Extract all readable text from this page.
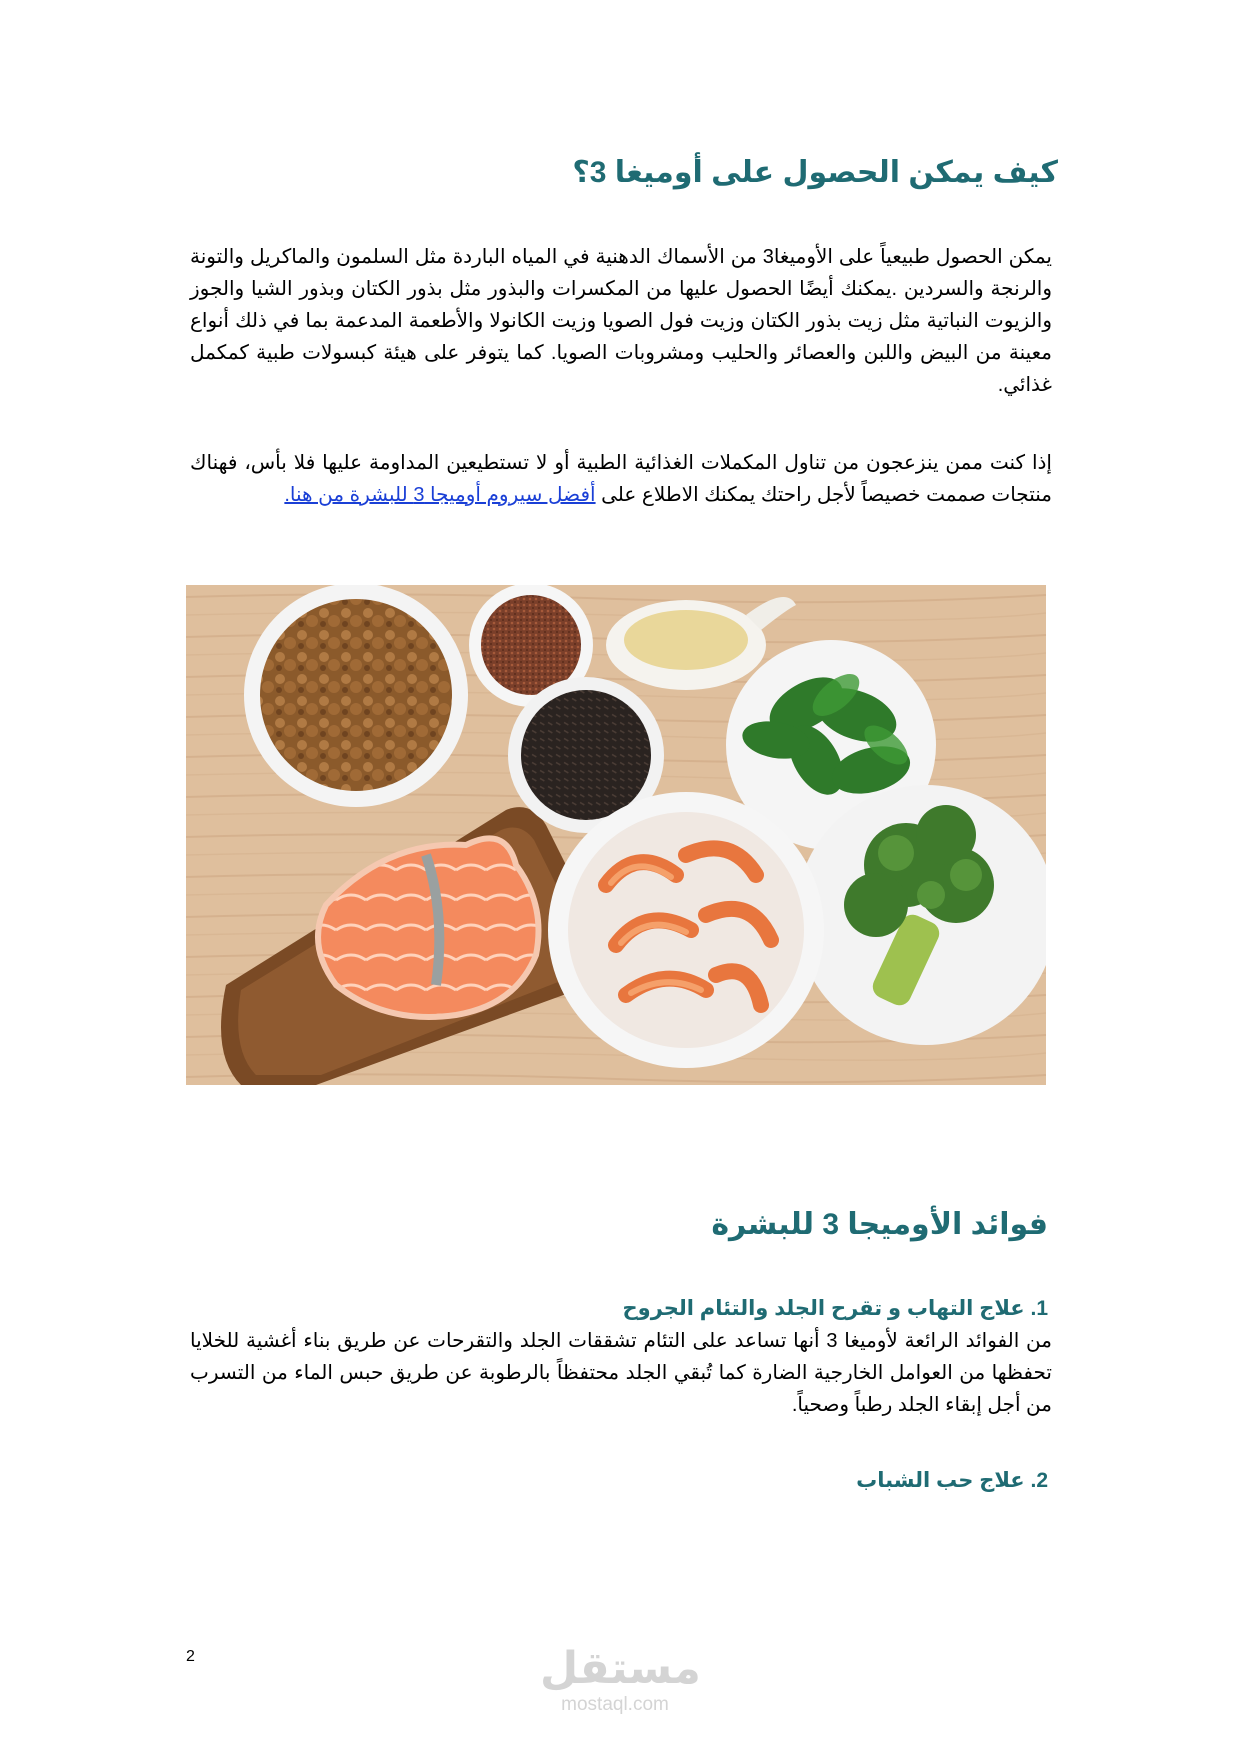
كيف يمكن الحصول على أوميغا 3؟

يمكن الحصول طبيعياً على الأوميغا3 من الأسماك الدهنية في المياه الباردة مثل السلمون والماكريل والتونة والرنجة والسردين .يمكنك أيضًا الحصول عليها من المكسرات والبذور مثل بذور الكتان وبذور الشيا والجوز والزيوت النباتية مثل زيت بذور الكتان وزيت فول الصويا وزيت الكانولا والأطعمة المدعمة بما في ذلك أنواع معينة من البيض واللبن والعصائر والحليب ومشروبات الصويا. كما يتوفر على هيئة كبسولات طبية كمكمل غذائي.

إذا كنت ممن ينزعجون من تناول المكملات الغذائية الطبية أو لا تستطيعين المداومة عليها فلا بأس، فهناك منتجات صممت خصيصاً لأجل راحتك يمكنك الاطلاع على أفضل سيروم أوميجا 3 للبشرة من هنا.

فوائد الأوميجا 3 للبشرة
1. علاج التهاب و تقرح الجلد والتئام الجروح

من الفوائد الرائعة لأوميغا 3 أنها تساعد على التئام تشققات الجلد والتقرحات عن طريق بناء أغشية للخلايا تحفظها من العوامل الخارجية الضارة كما تُبقي الجلد محتفظاً بالرطوبة عن طريق حبس الماء من التسرب من أجل إبقاء الجلد رطباً وصحياً.

2. علاج حب الشباب
2	مستقل
mostaql.com
